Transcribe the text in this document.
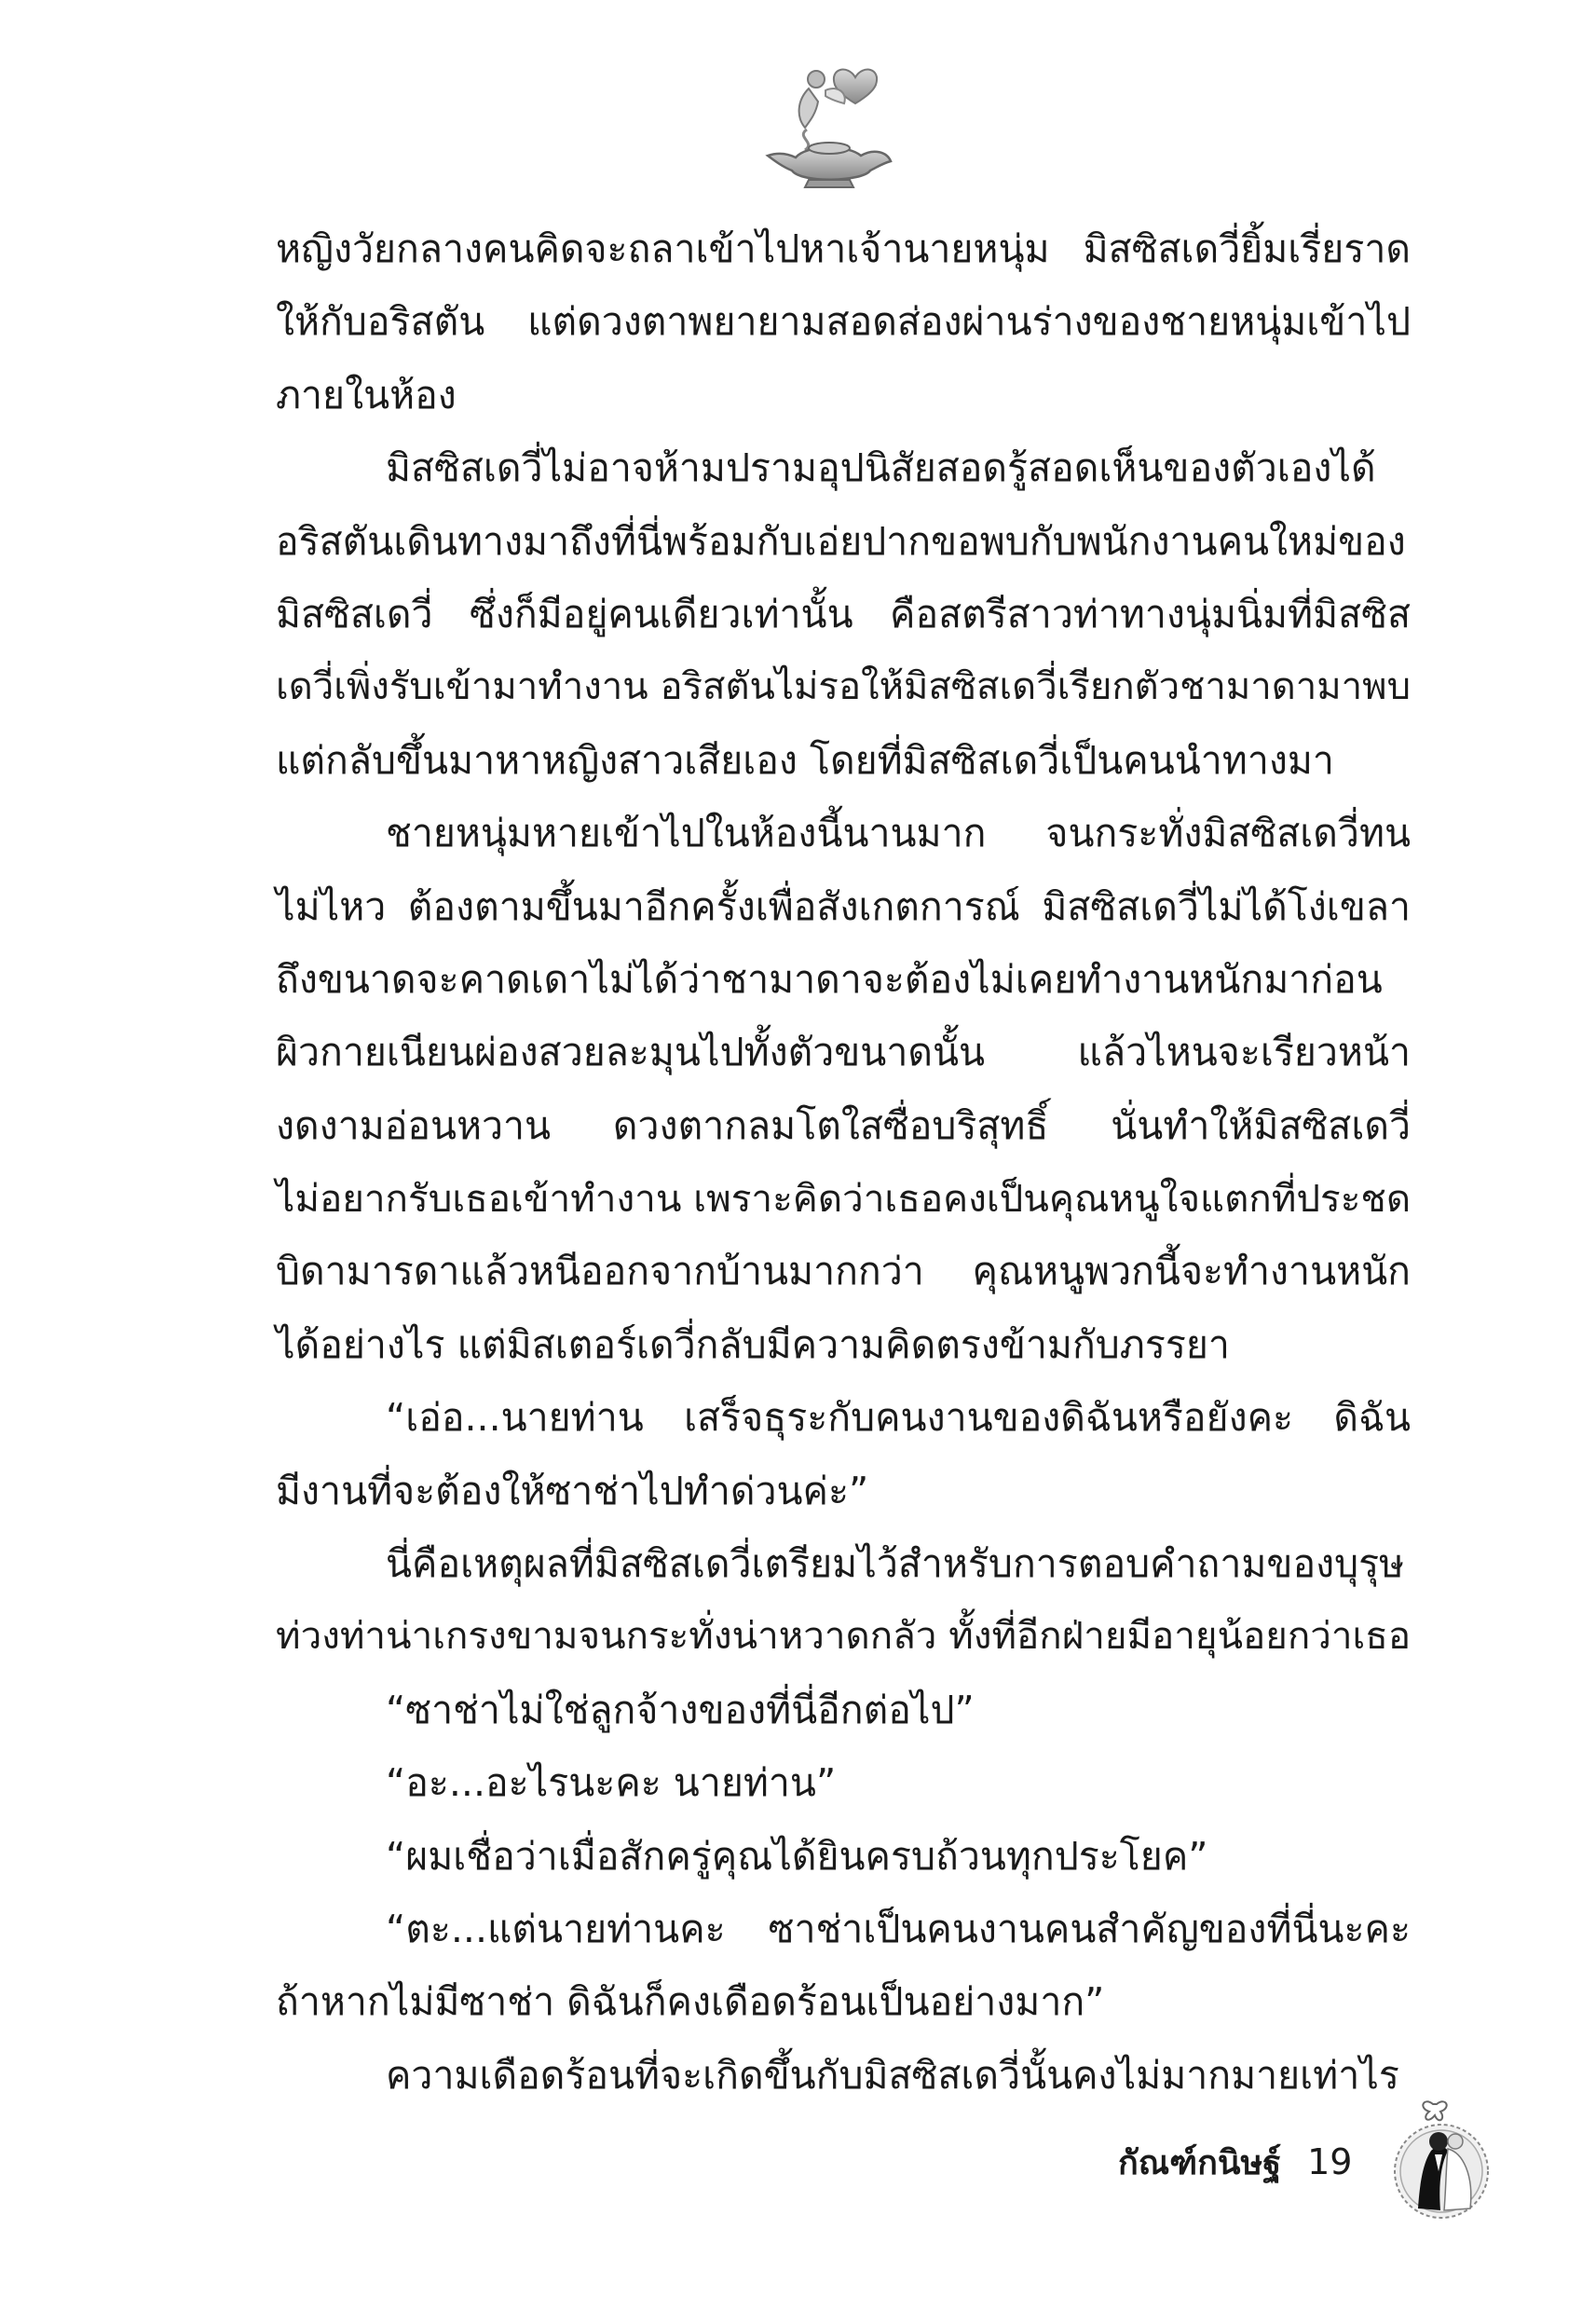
หญิงวัยกลางคนคิดจะถลาเข้าไปหาเจ้านายหนุ่ม มิสซิสเดวี่ยิ้มเรี่ยราด
ให้กับอริสตัน แต่ดวงตาพยายามสอดส่องผ่านร่างของชายหนุ่มเข้าไป
ภายในห้อง
มิสซิสเดวี่ไม่อาจห้ามปรามอุปนิสัยสอดรู้สอดเห็นของตัวเองได้
อริสตันเดินทางมาถึงที่นี่พร้อมกับเอ่ยปากขอพบกับพนักงานคนใหม่ของ
มิสซิสเดวี่ ซึ่งก็มีอยู่คนเดียวเท่านั้น คือสตรีสาวท่าทางนุ่มนิ่มที่มิสซิส
เดวี่เพิ่งรับเข้ามาทำงาน อริสตันไม่รอให้มิสซิสเดวี่เรียกตัวชามาดามาพบ
แต่กลับขึ้นมาหาหญิงสาวเสียเอง โดยที่มิสซิสเดวี่เป็นคนนำทางมา
ชายหนุ่มหายเข้าไปในห้องนี้นานมาก จนกระทั่งมิสซิสเดวี่ทน
ไม่ไหว ต้องตามขึ้นมาอีกครั้งเพื่อสังเกตการณ์ มิสซิสเดวี่ไม่ได้โง่เขลา
ถึงขนาดจะคาดเดาไม่ได้ว่าชามาดาจะต้องไม่เคยทำงานหนักมาก่อน
ผิวกายเนียนผ่องสวยละมุนไปทั้งตัวขนาดนั้น แล้วไหนจะเรียวหน้า
งดงามอ่อนหวาน ดวงตากลมโตใสซื่อบริสุทธิ์ นั่นทำให้มิสซิสเดวี่
ไม่อยากรับเธอเข้าทำงาน เพราะคิดว่าเธอคงเป็นคุณหนูใจแตกที่ประชด
บิดามารดาแล้วหนีออกจากบ้านมากกว่า คุณหนูพวกนี้จะทำงานหนัก
ได้อย่างไร แต่มิสเตอร์เดวี่กลับมีความคิดตรงข้ามกับภรรยา
“เอ่อ...นายท่าน เสร็จธุระกับคนงานของดิฉันหรือยังคะ ดิฉัน
มีงานที่จะต้องให้ซาช่าไปทำด่วนค่ะ”
นี่คือเหตุผลที่มิสซิสเดวี่เตรียมไว้สำหรับการตอบคำถามของบุรุษ
ท่วงท่าน่าเกรงขามจนกระทั่งน่าหวาดกลัว ทั้งที่อีกฝ่ายมีอายุน้อยกว่าเธอ
“ซาช่าไม่ใช่ลูกจ้างของที่นี่อีกต่อไป”
“อะ...อะไรนะคะ นายท่าน”
“ผมเชื่อว่าเมื่อสักครู่คุณได้ยินครบถ้วนทุกประโยค”
“ตะ...แต่นายท่านคะ ซาช่าเป็นคนงานคนสำคัญของที่นี่นะคะ
ถ้าหากไม่มีซาช่า ดิฉันก็คงเดือดร้อนเป็นอย่างมาก”
ความเดือดร้อนที่จะเกิดขึ้นกับมิสซิสเดวี่นั้นคงไม่มากมายเท่าไร
กัณฑ์กนิษฐ์ 19
